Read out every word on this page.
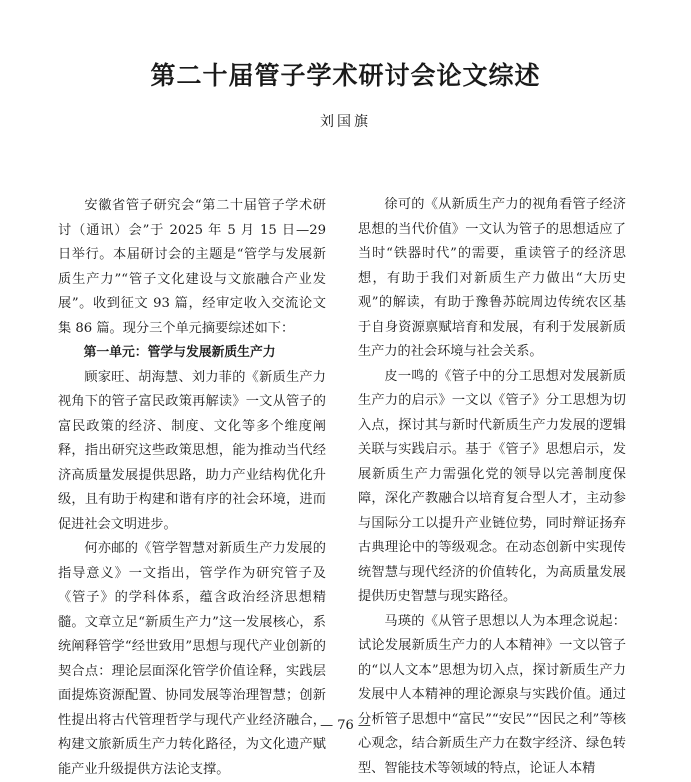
第二十届管子学术研讨会论文综述
刘国旗

安徽省管子研究会“第二十届管子学术研讨（通讯）会”于 2025 年 5 月 15 日—29 日举行。本届研讨会的主题是“管学与发展新质生产力”“管子文化建设与文旅融合产业发展”。收到征文 93 篇，经审定收入交流论文集 86 篇。现分三个单元摘要综述如下：

第一单元：管学与发展新质生产力

顾家旺、胡海慧、刘力菲的《新质生产力视角下的管子富民政策再解读》一文从管子的富民政策的经济、制度、文化等多个维度阐释，指出研究这些政策思想，能为推动当代经济高质量发展提供思路，助力产业结构优化升级，且有助于构建和谐有序的社会环境，进而促进社会文明进步。

何亦邮的《管学智慧对新质生产力发展的指导意义》一文指出，管学作为研究管子及《管子》的学科体系，蕴含政治经济思想精髓。文章立足“新质生产力”这一发展核心，系统阐释管学“经世致用”思想与现代产业创新的契合点：理论层面深化管学价值诠释，实践层面提炼资源配置、协同发展等治理智慧；创新性提出将古代管理哲学与现代产业经济融合，构建文旅新质生产力转化路径，为文化遗产赋能产业升级提供方法论支撑。

徐可的《从新质生产力的视角看管子经济思想的当代价值》一文认为管子的思想适应了当时“铁器时代”的需要，重读管子的经济思想，有助于我们对新质生产力做出“大历史观”的解读，有助于豫鲁苏皖周边传统农区基于自身资源禀赋培育和发展，有利于发展新质生产力的社会环境与社会关系。

皮一鸣的《管子中的分工思想对发展新质生产力的启示》一文以《管子》分工思想为切入点，探讨其与新时代新质生产力发展的逻辑关联与实践启示。基于《管子》思想启示，发展新质生产力需强化党的领导以完善制度保障，深化产教融合以培育复合型人才，主动参与国际分工以提升产业链位势，同时辩证扬弃古典理论中的等级观念。在动态创新中实现传统智慧与现代经济的价值转化，为高质量发展提供历史智慧与现实路径。

马瑛的《从管子思想以人为本理念说起：试论发展新质生产力的人本精神》一文以管子的“以人文本”思想为切入点，探讨新质生产力发展中人本精神的理论源泉与实践价值。通过分析管子思想中“富民”“安民”“因民之利”等核心观念，结合新质生产力在数字经济、绿色转型、智能技术等领域的特点，论证人本精

— 76 —
